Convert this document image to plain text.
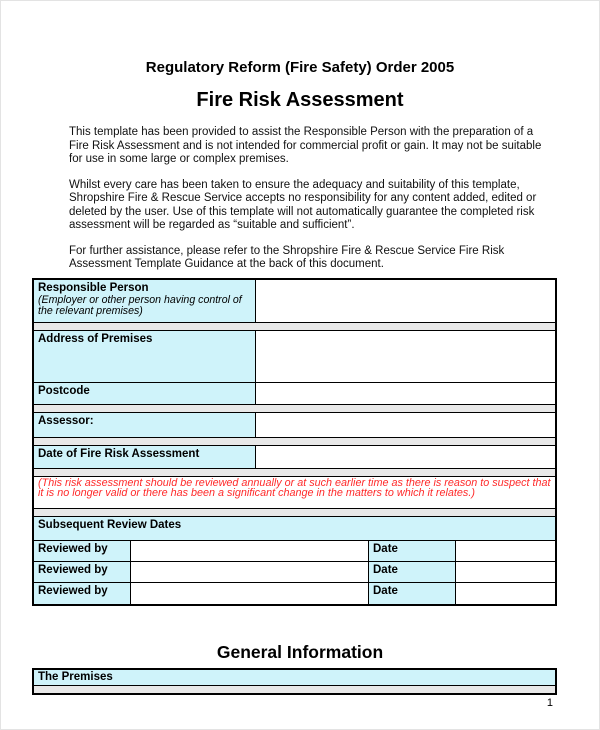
Regulatory Reform (Fire Safety) Order 2005
Fire Risk Assessment

This template has been provided to assist the Responsible Person with the preparation of a Fire Risk Assessment and is not intended for commercial profit or gain. It may not be suitable for use in some large or complex premises.

Whilst every care has been taken to ensure the adequacy and suitability of this template, Shropshire Fire & Rescue Service accepts no responsibility for any content added, edited or deleted by the user. Use of this template will not automatically guarantee the completed risk assessment will be regarded as “suitable and sufficient”.

For further assistance, please refer to the Shropshire Fire & Rescue Service Fire Risk Assessment Template Guidance at the back of this document.

Responsible Person
(Employer or other person having control of the relevant premises)
Address of Premises
Postcode
Assessor:
Date of Fire Risk Assessment
(This risk assessment should be reviewed annually or at such earlier time as there is reason to suspect that it is no longer valid or there has been a significant change in the matters to which it relates.)
Subsequent Review Dates
Reviewed by	Date
Reviewed by	Date
Reviewed by	Date
General Information
The Premises
1
